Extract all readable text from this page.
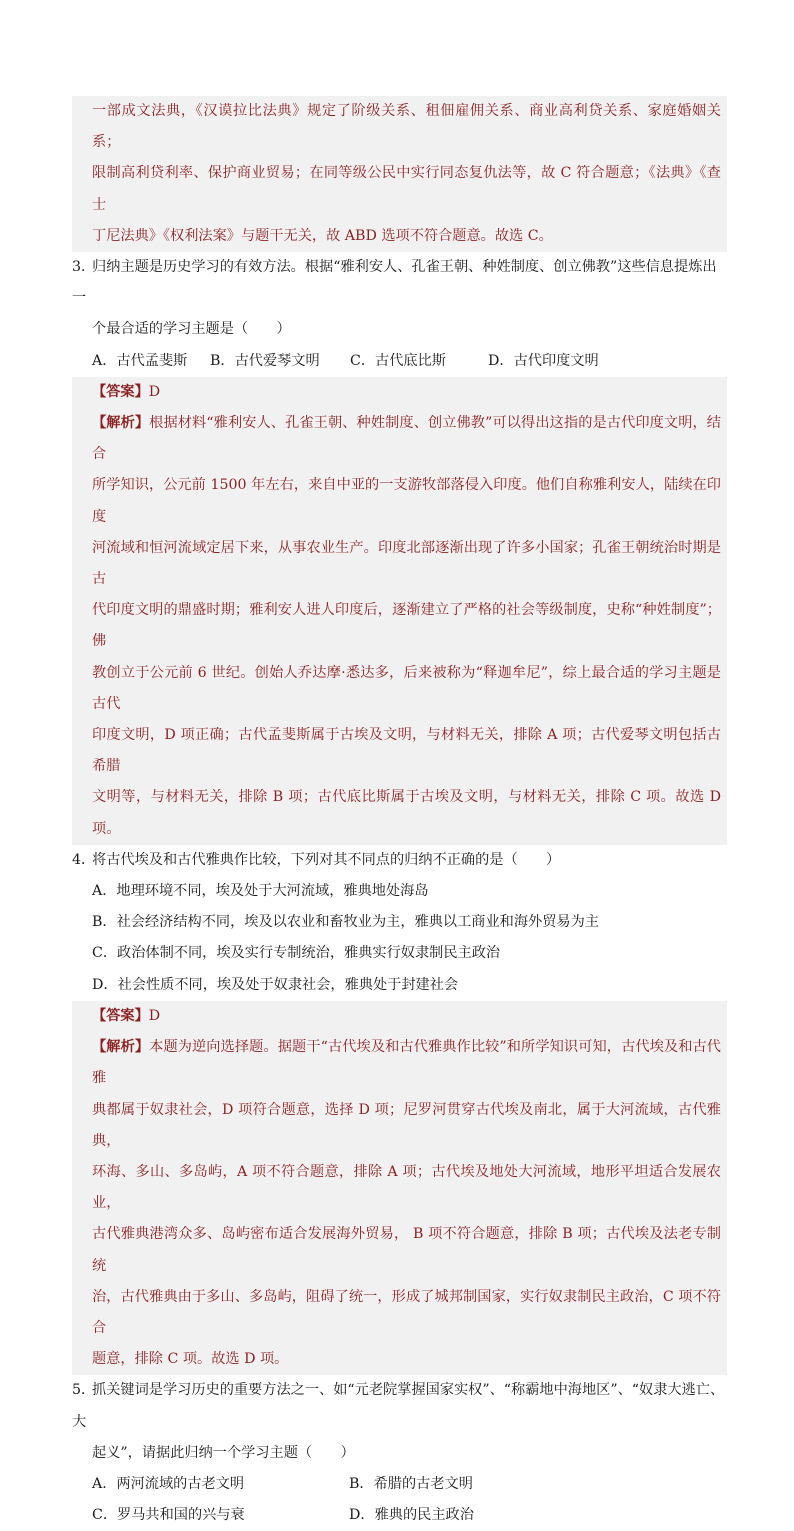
一部成文法典，《汉谟拉比法典》规定了阶级关系、租佃雇佣关系、商业高利贷关系、家庭婚姻关系；
限制高利贷利率、保护商业贸易；在同等级公民中实行同态复仇法等，故 C 符合题意；《法典》《查士
丁尼法典》《权利法案》与题干无关，故 ABD 选项不符合题意。故选 C。
3．归纳主题是历史学习的有效方法。根据“雅利安人、孔雀王朝、种姓制度、创立佛教”这些信息提炼出一
个最合适的学习主题是（　　）
A．古代孟斐斯 B．古代爱琴文明 C．古代底比斯	D．古代印度文明
【答案】D
【解析】根据材料“雅利安人、孔雀王朝、种姓制度、创立佛教”可以得出这指的是古代印度文明，结合
所学知识，公元前 1500 年左右，来自中亚的一支游牧部落侵入印度。他们自称雅利安人，陆续在印度
河流域和恒河流域定居下来，从事农业生产。印度北部逐渐出现了许多小国家；孔雀王朝统治时期是古
代印度文明的鼎盛时期；雅利安人进人印度后，逐渐建立了严格的社会等级制度，史称“种姓制度”；佛
教创立于公元前 6 世纪。创始人乔达摩·悉达多，后来被称为“释迦牟尼”，综上最合适的学习主题是古代
印度文明，D 项正确；古代孟斐斯属于古埃及文明，与材料无关，排除 A 项；古代爱琴文明包括古希腊
文明等，与材料无关，排除 B 项；古代底比斯属于古埃及文明，与材料无关，排除 C 项。故选 D 项。
4．将古代埃及和古代雅典作比较，下列对其不同点的归纳不正确的是（　　）
A．地理环境不同，埃及处于大河流域，雅典地处海岛
B．社会经济结构不同，埃及以农业和畜牧业为主，雅典以工商业和海外贸易为主
C．政治体制不同，埃及实行专制统治，雅典实行奴隶制民主政治
D．社会性质不同，埃及处于奴隶社会，雅典处于封建社会
【答案】D
【解析】本题为逆向选择题。据题干“古代埃及和古代雅典作比较”和所学知识可知，古代埃及和古代雅
典都属于奴隶社会，D 项符合题意，选择 D 项；尼罗河贯穿古代埃及南北，属于大河流域，古代雅典，
环海、多山、多岛屿，A 项不符合题意，排除 A 项；古代埃及地处大河流域，地形平坦适合发展农业，
古代雅典港湾众多、岛屿密布适合发展海外贸易， B 项不符合题意，排除 B 项；古代埃及法老专制统
治，古代雅典由于多山、多岛屿，阻碍了统一，形成了城邦制国家，实行奴隶制民主政治，C 项不符合
题意，排除 C 项。故选 D 项。
5．抓关键词是学习历史的重要方法之一、如“元老院掌握国家实权”、“称霸地中海地区”、“奴隶大逃亡、大
起义”，请据此归纳一个学习主题（　　）
A．两河流域的古老文明	B．希腊的古老文明
C．罗马共和国的兴与衰	D．雅典的民主政治
